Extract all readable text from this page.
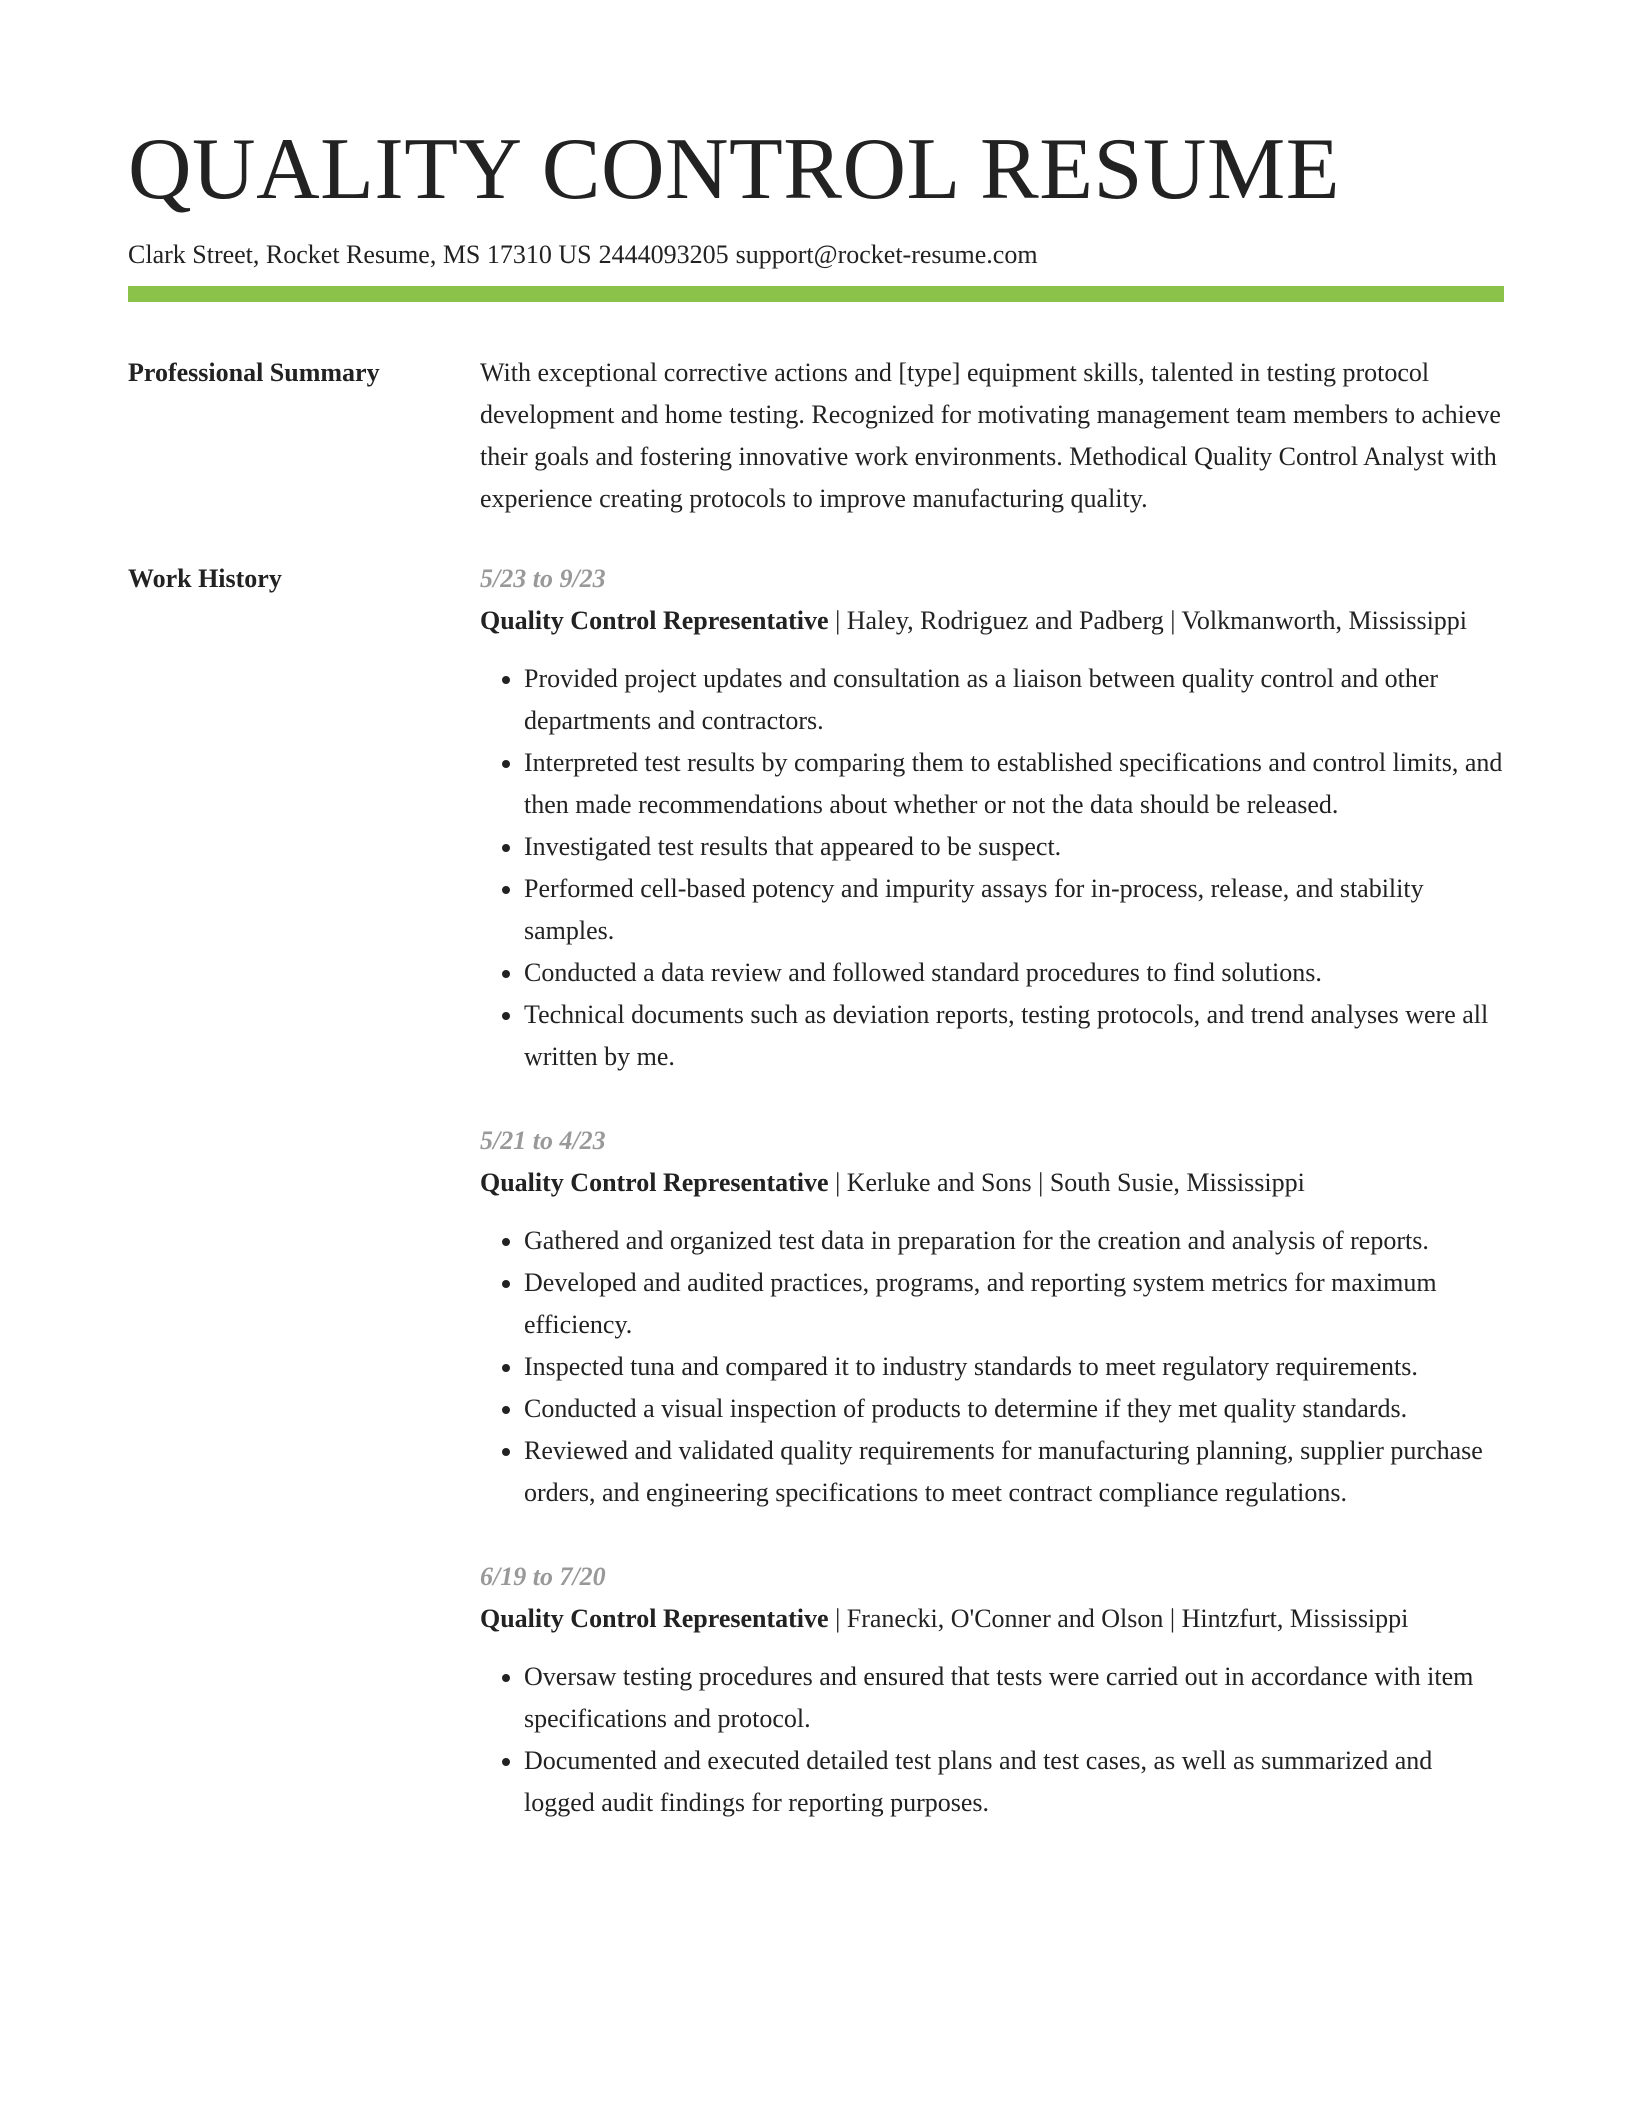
QUALITY CONTROL RESUME
Clark Street, Rocket Resume, MS 17310 US 2444093205 support@rocket-resume.com
Professional Summary	With exceptional corrective actions and [type] equipment skills, talented in testing protocol development and home testing. Recognized for motivating management team members to achieve their goals and fostering innovative work environments. Methodical Quality Control Analyst with experience creating protocols to improve manufacturing quality.
Work History	5/23 to 9/23
Quality Control Representative | Haley, Rodriguez and Padberg | Volkmanworth, Mississippi
• Provided project updates and consultation as a liaison between quality control and other departments and contractors.
• Interpreted test results by comparing them to established specifications and control limits, and then made recommendations about whether or not the data should be released.
• Investigated test results that appeared to be suspect.
• Performed cell-based potency and impurity assays for in-process, release, and stability samples.
• Conducted a data review and followed standard procedures to find solutions.
• Technical documents such as deviation reports, testing protocols, and trend analyses were all written by me.
5/21 to 4/23
Quality Control Representative | Kerluke and Sons | South Susie, Mississippi
• Gathered and organized test data in preparation for the creation and analysis of reports.
• Developed and audited practices, programs, and reporting system metrics for maximum efficiency.
• Inspected tuna and compared it to industry standards to meet regulatory requirements.
• Conducted a visual inspection of products to determine if they met quality standards.
• Reviewed and validated quality requirements for manufacturing planning, supplier purchase orders, and engineering specifications to meet contract compliance regulations.
6/19 to 7/20
Quality Control Representative | Franecki, O'Conner and Olson | Hintzfurt, Mississippi
• Oversaw testing procedures and ensured that tests were carried out in accordance with item specifications and protocol.
• Documented and executed detailed test plans and test cases, as well as summarized and logged audit findings for reporting purposes.
